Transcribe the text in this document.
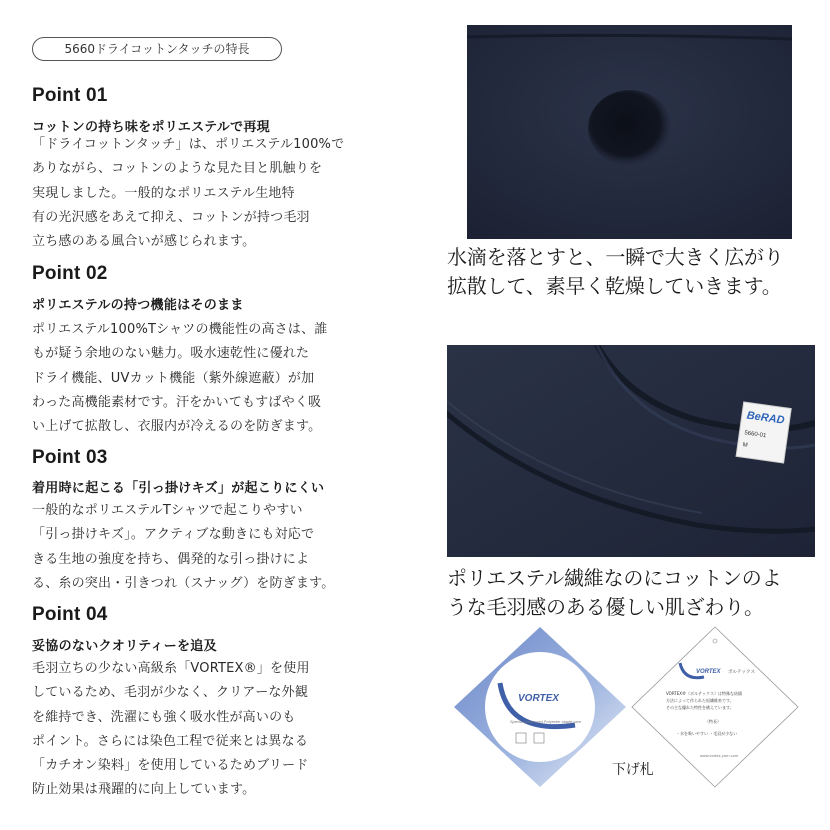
5660ドライコットンタッチの特長
Point 01
コットンの持ち味をポリエステルで再現
「ドライコットンタッチ」は、ポリエステル100%で
ありながら、コットンのような見た目と肌触りを
実現しました。一般的なポリエステル生地特
有の光沢感をあえて抑え、コットンが持つ毛羽
立ち感のある風合いが感じられます。
Point 02
ポリエステルの持つ機能はそのまま
ポリエステル100%Tシャツの機能性の高さは、誰
もが疑う余地のない魅力。吸水速乾性に優れた
ドライ機能、UVカット機能（紫外線遮蔽）が加
わった高機能素材です。汗をかいてもすばやく吸
い上げて拡散し、衣服内が冷えるのを防ぎます。
Point 03
着用時に起こる「引っ掛けキズ」が起こりにくい
一般的なポリエステルTシャツで起こりやすい
「引っ掛けキズ」。アクティブな動きにも対応で
きる生地の強度を持ち、偶発的な引っ掛けによ
る、糸の突出・引きつれ（スナッグ）を防ぎます。
Point 04
妥協のないクオリティーを追及
毛羽立ちの少ない高級糸「VORTEX®」を使用
しているため、毛羽が少なく、クリアーな外観
を維持でき、洗濯にも強く吸水性が高いのも
ポイント。さらには染色工程で従来とは異なる
「カチオン染料」を使用しているためブリード
防止効果は飛躍的に向上しています。
水滴を落とすと、一瞬で大きく広がり
拡散して、素早く乾燥していきます。
BeRAD
5660-01
M
ポリエステル繊維なのにコットンのよ
うな毛羽感のある優しい肌ざわり。
VORTEX
Special processed Polyester staple yarn
VORTEX ボルテックス
VORTEX®（ボルテックス）は特殊な紡績
方法によって作られた短繊維糸です。
その主な優れた特性を備えています。
（特長）
・水を吸いやすい ・毛羽が少ない
www.vortex-yarn.com
下げ札
